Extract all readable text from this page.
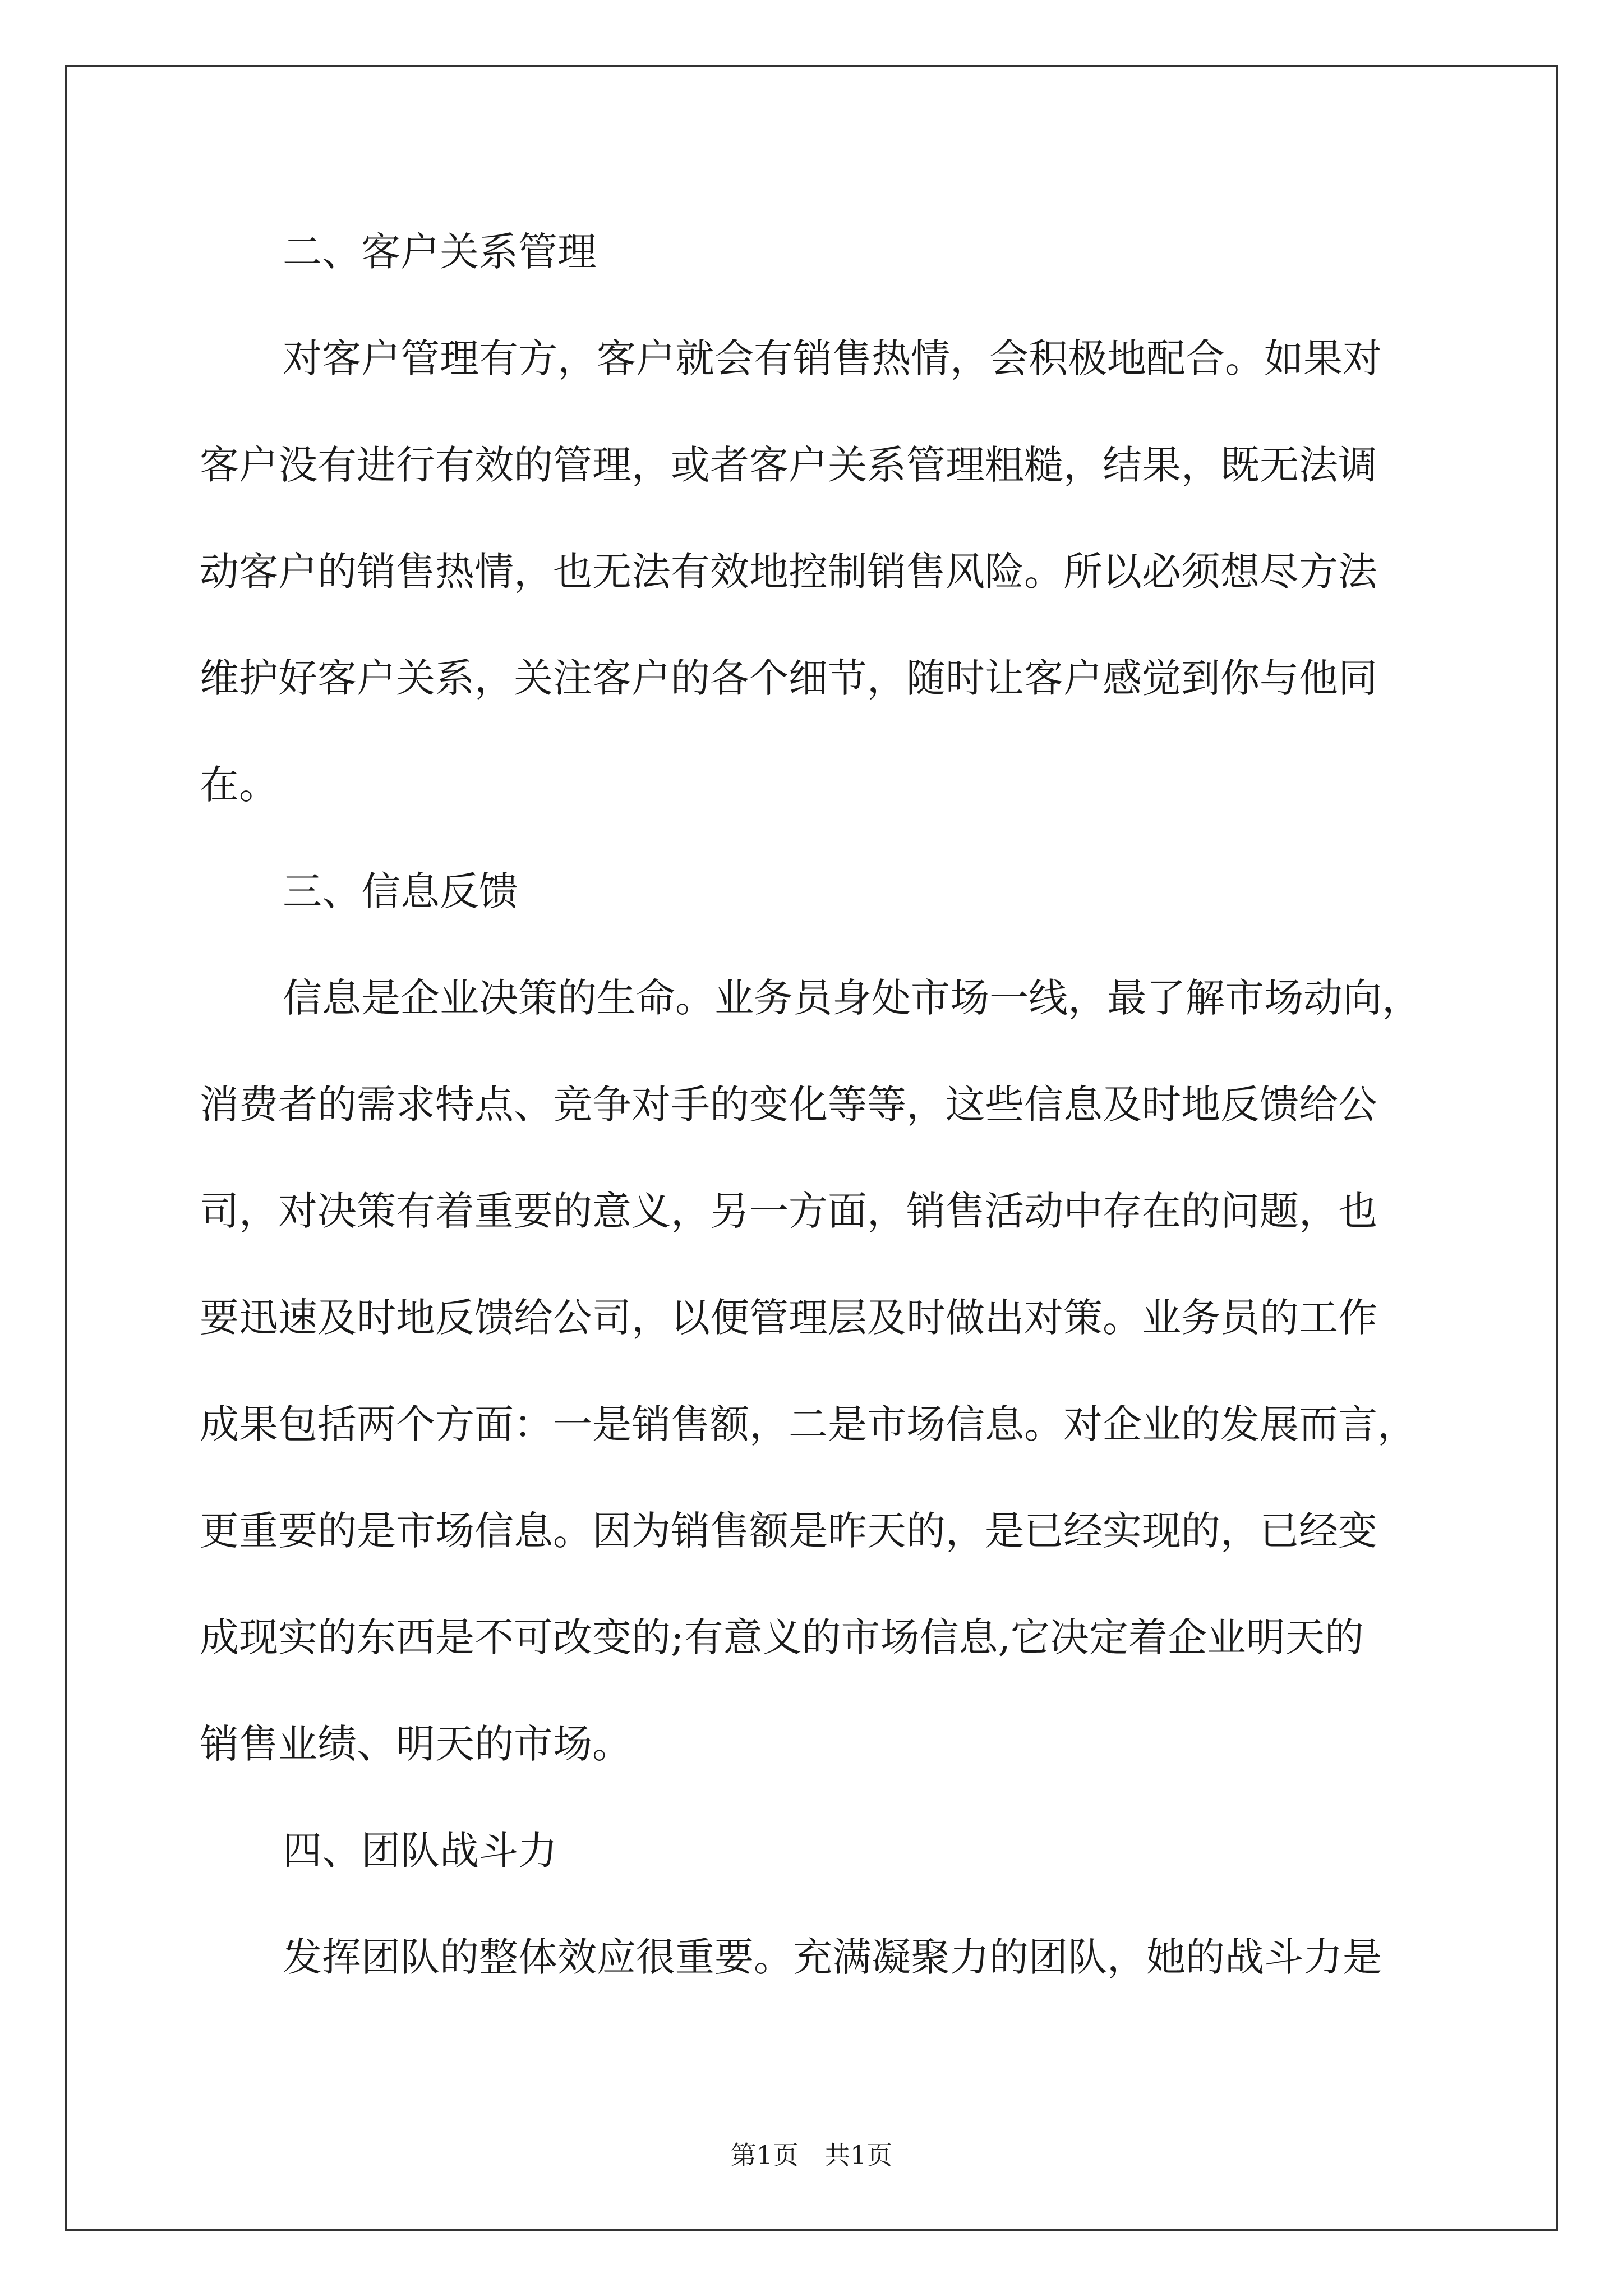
二、客户关系管理
对客户管理有方，客户就会有销售热情，会积极地配合。如果对
客户没有进行有效的管理，或者客户关系管理粗糙，结果，既无法调
动客户的销售热情，也无法有效地控制销售风险。所以必须想尽方法
维护好客户关系，关注客户的各个细节，随时让客户感觉到你与他同
在。
三、信息反馈
信息是企业决策的生命。业务员身处市场一线，最了解市场动向，
消费者的需求特点、竞争对手的变化等等，这些信息及时地反馈给公
司，对决策有着重要的意义，另一方面，销售活动中存在的问题，也
要迅速及时地反馈给公司，以便管理层及时做出对策。业务员的工作
成果包括两个方面：一是销售额，二是市场信息。对企业的发展而言，
更重要的是市场信息。因为销售额是昨天的，是已经实现的，已经变
成现实的东西是不可改变的;有意义的市场信息,它决定着企业明天的
销售业绩、明天的市场。
四、团队战斗力
发挥团队的整体效应很重要。充满凝聚力的团队，她的战斗力是
第1页　共1页
